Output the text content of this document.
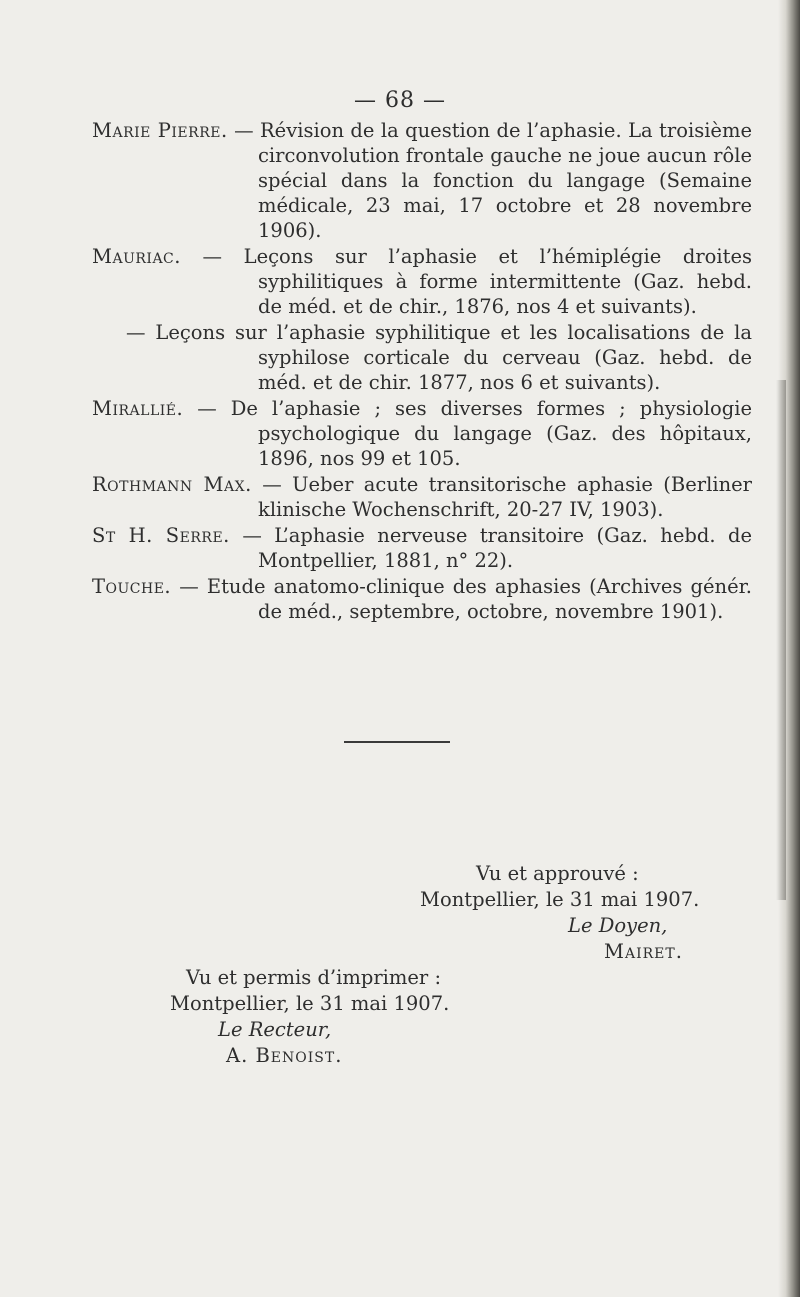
— 68 —

Marie Pierre. — Révision de la question de l’aphasie. La troisième circonvolution frontale gauche ne joue aucun rôle spécial dans la fonction du langage (Semaine médicale, 23 mai, 17 octobre et 28 novembre 1906).

Mauriac. — Leçons sur l’aphasie et l’hémiplégie droites syphilitiques à forme intermittente (Gaz. hebd. de méd. et de chir., 1876, nos 4 et suivants).

— Leçons sur l’aphasie syphilitique et les localisations de la syphilose corticale du cerveau (Gaz. hebd. de méd. et de chir. 1877, nos 6 et suivants).

Mirallié. — De l’aphasie ; ses diverses formes ; physiologie psychologique du langage (Gaz. des hôpitaux, 1896, nos 99 et 105.

Rothmann Max. — Ueber acute transitorische aphasie (Berliner klinische Wochenschrift, 20-27 IV, 1903).

St H. Serre. — L’aphasie nerveuse transitoire (Gaz. hebd. de Montpellier, 1881, n° 22).

Touche. — Etude anatomo-clinique des aphasies (Archives génér. de méd., septembre, octobre, novembre 1901).

Vu et approuvé :
Montpellier, le 31 mai 1907.
Le Doyen,
Mairet.
Vu et permis d’imprimer :
Montpellier, le 31 mai 1907.
Le Recteur,
A. Benoist.
